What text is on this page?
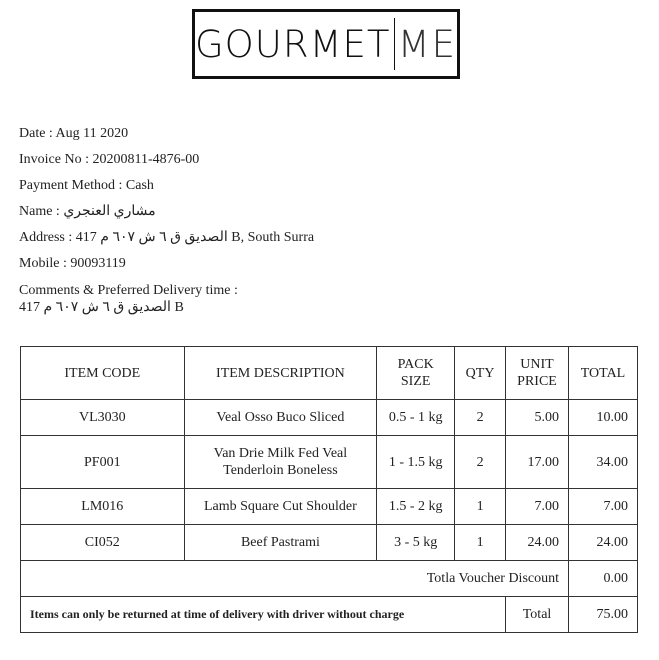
GOURMET ME
Date : Aug 11 2020
Invoice No : 20200811-4876-00
Payment Method : Cash
Name : مشاري العنجري
Address : 417 الصديق ق ٦ ش ٦٠٧ م B, South Surra
Mobile : 90093119
Comments & Preferred Delivery time :
417 الصديق ق ٦ ش ٦٠٧ م B
ITEM CODE	ITEM DESCRIPTION	PACK
SIZE	QTY	UNIT
PRICE	TOTAL
VL3030	Veal Osso Buco Sliced	0.5 - 1 kg	2	5.00	10.00
PF001	Van Drie Milk Fed Veal
Tenderloin Boneless	1 - 1.5 kg	2	17.00	34.00
LM016	Lamb Square Cut Shoulder	1.5 - 2 kg	1	7.00	7.00
CI052	Beef Pastrami	3 - 5 kg	1	24.00	24.00
Totla Voucher Discount					0.00
Items can only be returned at time of delivery with driver without charge				Total	75.00
